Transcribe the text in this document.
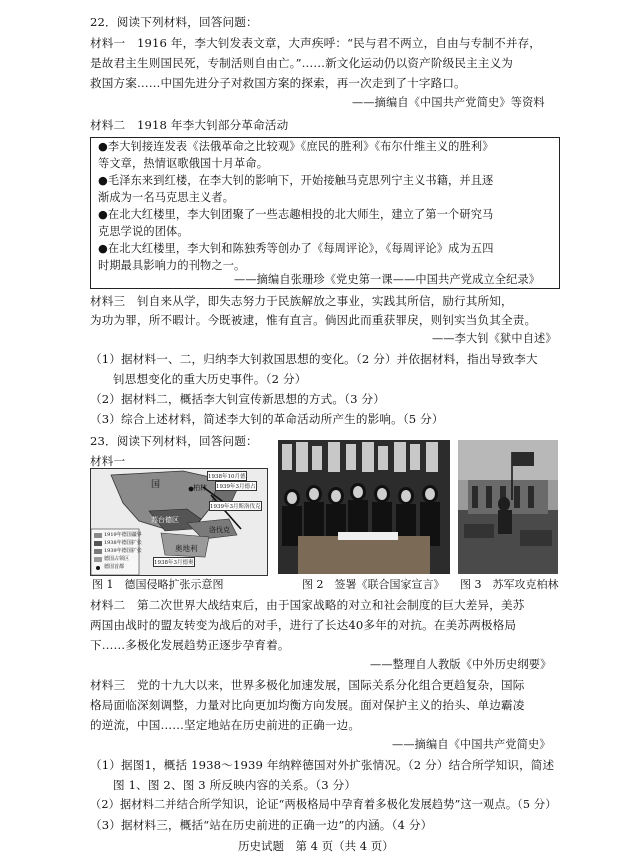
22．阅读下列材料，回答问题：
材料一　1916 年，李大钊发表文章，大声疾呼：“民与君不两立，自由与专制不并存，
是故君主生则国民死，专制活则自由亡。”……新文化运动仍以资产阶级民主主义为
救国方案……中国先进分子对救国方案的探索，再一次走到了十字路口。
——摘编自《中国共产党简史》等资料
材料二　1918 年李大钊部分革命活动
●李大钊接连发表《法俄革命之比较观》《庶民的胜利》《布尔什维主义的胜利》
等文章，热情讴歌俄国十月革命。
●毛泽东来到红楼，在李大钊的影响下，开始接触马克思列宁主义书籍，并且逐
渐成为一名马克思主义者。
●在北大红楼里，李大钊团聚了一些志趣相投的北大师生，建立了第一个研究马
克思学说的团体。
●在北大红楼里，李大钊和陈独秀等创办了《每周评论》，《每周评论》成为五四
时期最具影响力的刊物之一。
——摘编自张珊珍《党史第一课——中国共产党成立全纪录》
材料三　钊自来从学，即失志努力于民族解放之事业，实践其所信，励行其所知，
为功为罪，所不暇计。今既被逮，惟有直言。倘因此而重获罪戾，则钊实当负其全责。
——李大钊《狱中自述》
（1）据材料一、二，归纳李大钊救国思想的变化。（2 分）并依据材料，指出导致李大
钊思想变化的重大历史事件。（2 分）
（2）据材料二，概括李大钊宣传新思想的方式。（3 分）
（3）综合上述材料，简述李大钊的革命活动所产生的影响。（5 分）
23．阅读下列材料，回答问题：
材料一
国	柏林
苏台德区
奥地利
洛伐克
1938年10月德
1939年3月德占
1939年3月斯洛伐克
1938年3月德奥
1919年德国疆界
1938年德国扩张
1939年德国扩张
德国占领区
德国首都
图 1　德国侵略扩张示意图	图 2　签署《联合国家宣言》 图 3　苏军攻克柏林
材料二　第二次世界大战结束后，由于国家战略的对立和社会制度的巨大差异，美苏
两国由战时的盟友转变为战后的对手，进行了长达40多年的对抗。在美苏两极格局
下……多极化发展趋势正逐步孕育着。
——整理自人教版《中外历史纲要》
材料三　党的十九大以来，世界多极化加速发展，国际关系分化组合更趋复杂，国际
格局面临深刻调整，力量对比向更加均衡方向发展。面对保护主义的抬头、单边霸凌
的逆流，中国……坚定地站在历史前进的正确一边。
——摘编自《中国共产党简史》
（1）据图1，概括 1938～1939 年纳粹德国对外扩张情况。（2 分）结合所学知识，简述
图 1、图 2、图 3 所反映内容的关系。（3 分）
（2）据材料二并结合所学知识，论证“两极格局中孕育着多极化发展趋势”这一观点。（5 分）
（3）据材料三，概括“站在历史前进的正确一边”的内涵。（4 分）
历史试题　第 4 页（共 4 页）
